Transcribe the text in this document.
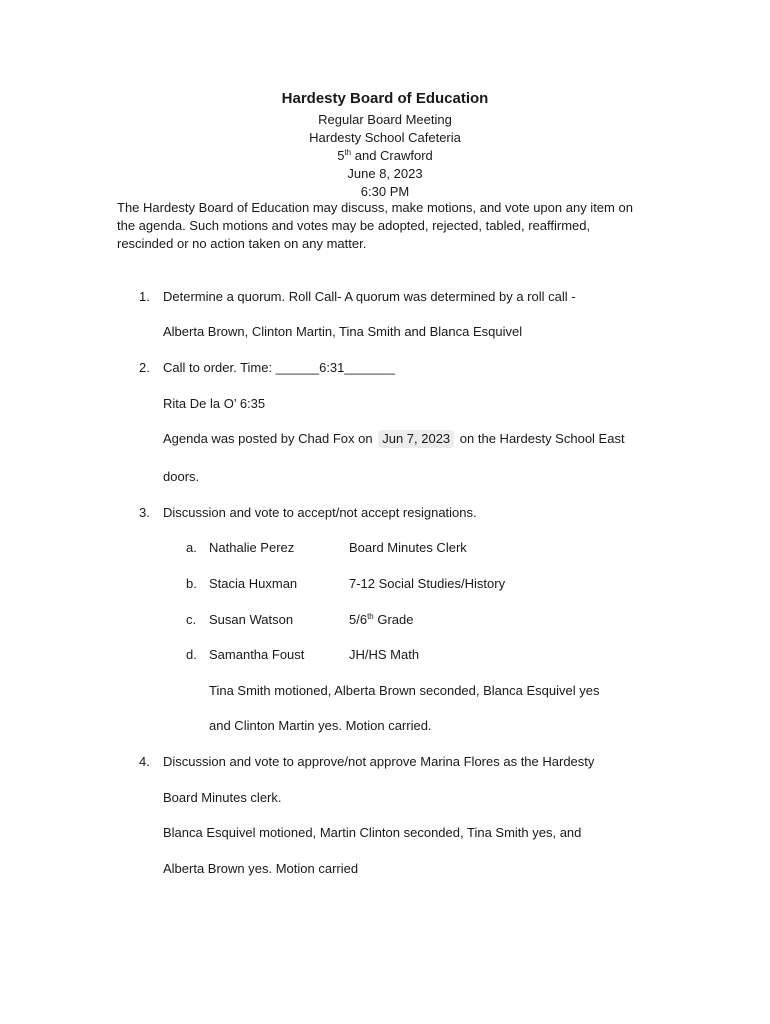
Hardesty Board of Education

Regular Board Meeting

Hardesty School Cafeteria

5th and Crawford

June 8, 2023

6:30 PM

The Hardesty Board of Education may discuss, make motions, and vote upon any item on the agenda. Such motions and votes may be adopted, rejected, tabled, reaffirmed, rescinded or no action taken on any matter.

1. Determine a quorum. Roll Call- A quorum was determined by a roll call -

Alberta Brown, Clinton Martin, Tina Smith and Blanca Esquivel

2. Call to order. Time: ______6:31_______

Rita De la O’ 6:35

Agenda was posted by Chad Fox on Jun 7, 2023 on the Hardesty School East

doors.

3. Discussion and vote to accept/not accept resignations.

a. Nathalie Perez	Board Minutes Clerk

b. Stacia Huxman	7-12 Social Studies/History

c. Susan Watson	5/6th Grade

d. Samantha Foust	JH/HS Math

Tina Smith motioned, Alberta Brown seconded, Blanca Esquivel yes

and Clinton Martin yes. Motion carried.

4. Discussion and vote to approve/not approve Marina Flores as the Hardesty

Board Minutes clerk.

Blanca Esquivel motioned, Martin Clinton seconded, Tina Smith yes, and

Alberta Brown yes. Motion carried
